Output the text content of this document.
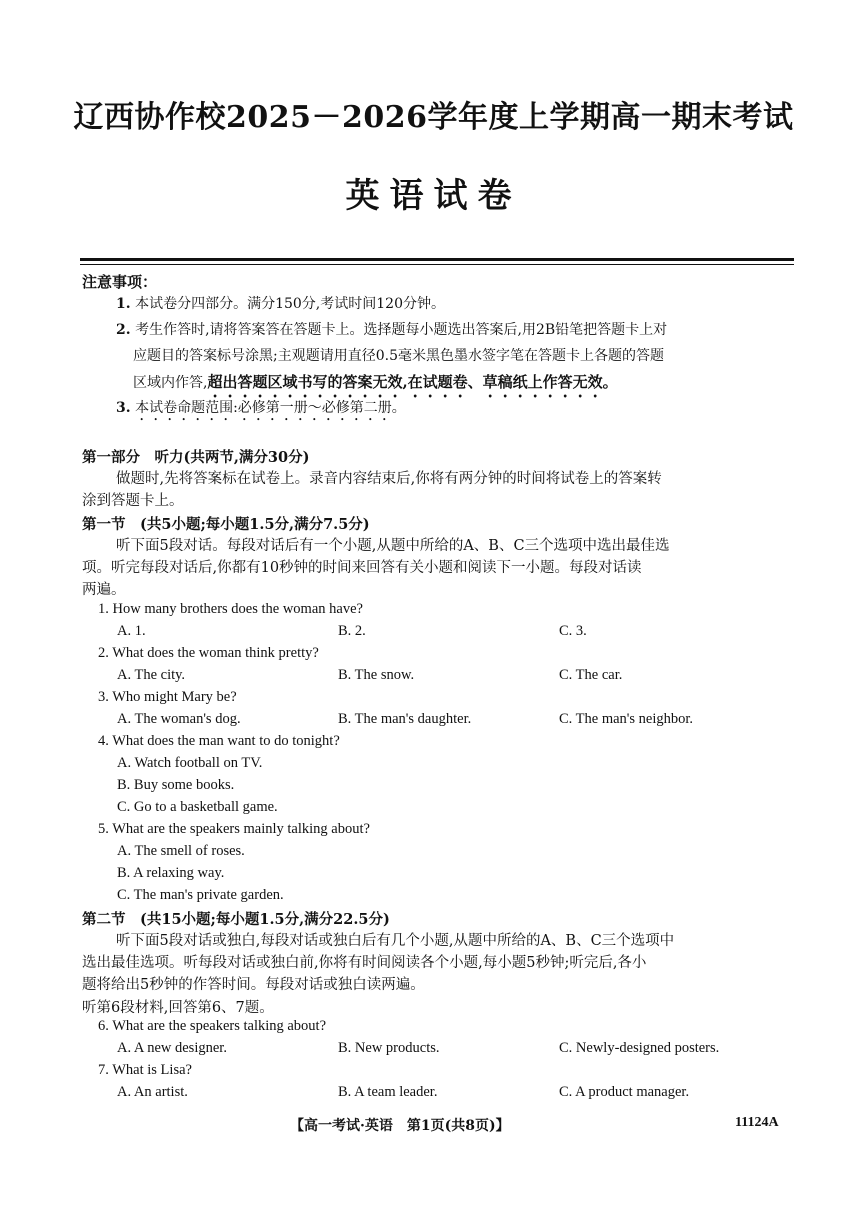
辽西协作校2025－2026学年度上学期高一期末考试
英语试卷
注意事项：
1. 本试卷分四部分。满分150分,考试时间120分钟。
2. 考生作答时,请将答案答在答题卡上。选择题每小题选出答案后,用2B铅笔把答题卡上对
应题目的答案标号涂黑;主观题请用直径0.5毫米黑色墨水签字笔在答题卡上各题的答题
区域内作答,超出答题区域书写的答案无效,在试题卷、草稿纸上作答无效。
3. 本试卷命题范围:必修第一册～必修第二册。
第一部分　听力(共两节,满分30分)
做题时,先将答案标在试卷上。录音内容结束后,你将有两分钟的时间将试卷上的答案转
涂到答题卡上。
第一节　(共5小题;每小题1.5分,满分7.5分)
听下面5段对话。每段对话后有一个小题,从题中所给的A、B、C三个选项中选出最佳选
项。听完每段对话后,你都有10秒钟的时间来回答有关小题和阅读下一小题。每段对话读
两遍。
1. How many brothers does the woman have?
A. 1.	B. 2.	C. 3.
2. What does the woman think pretty?
A. The city.	B. The snow.	C. The car.
3. Who might Mary be?
A. The woman's dog.	B. The man's daughter.	C. The man's neighbor.
4. What does the man want to do tonight?
A. Watch football on TV.
B. Buy some books.
C. Go to a basketball game.
5. What are the speakers mainly talking about?
A. The smell of roses.
B. A relaxing way.
C. The man's private garden.
第二节　(共15小题;每小题1.5分,满分22.5分)
听下面5段对话或独白,每段对话或独白后有几个小题,从题中所给的A、B、C三个选项中
选出最佳选项。听每段对话或独白前,你将有时间阅读各个小题,每小题5秒钟;听完后,各小
题将给出5秒钟的作答时间。每段对话或独白读两遍。
听第6段材料,回答第6、7题。
6. What are the speakers talking about?
A. A new designer.	B. New products.	C. Newly-designed posters.
7. What is Lisa?
A. An artist.	B. A team leader.	C. A product manager.
【高一考试·英语　第1页(共8页)】	11124A
